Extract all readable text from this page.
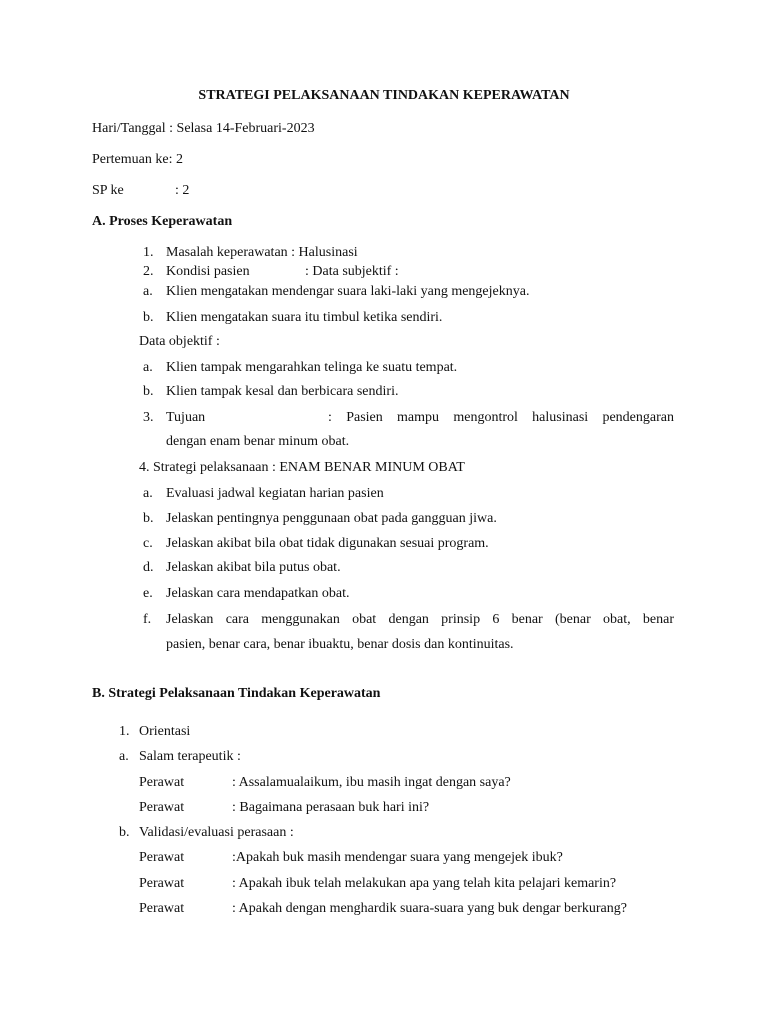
STRATEGI PELAKSANAAN TINDAKAN KEPERAWATAN
Hari/Tanggal : Selasa 14-Februari-2023
Pertemuan ke: 2
SP ke	: 2
A. Proses Keperawatan
1. Masalah keperawatan : Halusinasi
2. Kondisi pasien	: Data subjektif :
a. Klien mengatakan mendengar suara laki-laki yang mengejeknya.
b. Klien mengatakan suara itu timbul ketika sendiri.
Data objektif :
a. Klien tampak mengarahkan telinga ke suatu tempat.
b. Klien tampak kesal dan berbicara sendiri.
3. Tujuan	: Pasien mampu mengontrol halusinasi pendengaran
dengan enam benar minum obat.
4. Strategi pelaksanaan : ENAM BENAR MINUM OBAT
a. Evaluasi jadwal kegiatan harian pasien
b. Jelaskan pentingnya penggunaan obat pada gangguan jiwa.
c. Jelaskan akibat bila obat tidak digunakan sesuai program.
d. Jelaskan akibat bila putus obat.
e. Jelaskan cara mendapatkan obat.
f. Jelaskan cara menggunakan obat dengan prinsip 6 benar (benar obat, benar
pasien, benar cara, benar ibuaktu, benar dosis dan kontinuitas.
B. Strategi Pelaksanaan Tindakan Keperawatan
1. Orientasi
a. Salam terapeutik :
Perawat	: Assalamualaikum, ibu masih ingat dengan saya?
Perawat	: Bagaimana perasaan buk hari ini?
b. Validasi/evaluasi perasaan :
Perawat	:Apakah buk masih mendengar suara yang mengejek ibuk?
Perawat	: Apakah ibuk telah melakukan apa yang telah kita pelajari kemarin?
Perawat	: Apakah dengan menghardik suara-suara yang buk dengar berkurang?
